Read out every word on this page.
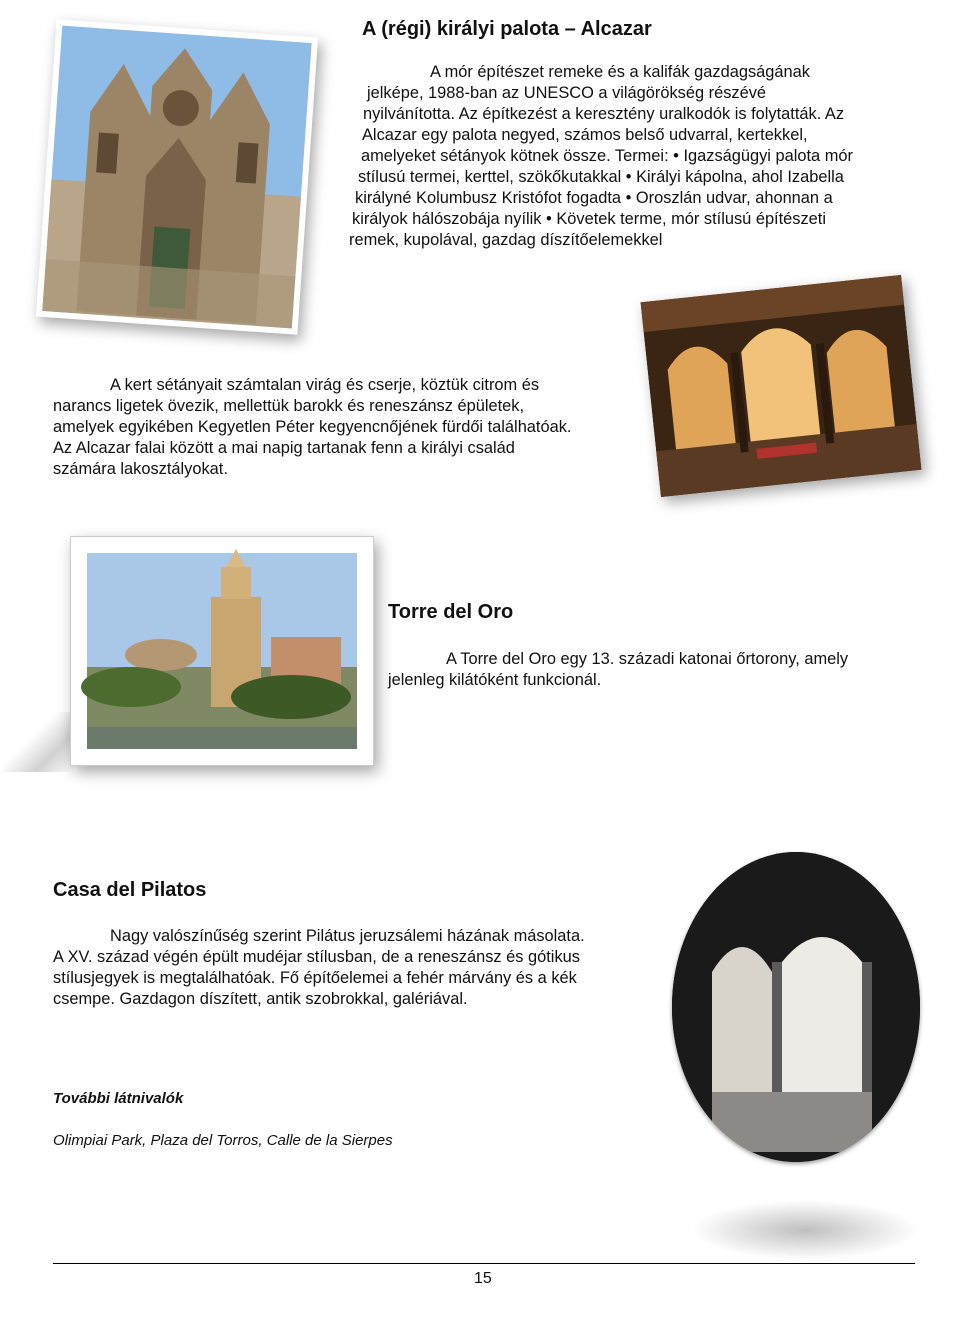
A (régi) királyi palota – Alcazar
A mór építészet remeke és a kalifák gazdagságának
jelképe, 1988-ban az UNESCO a világörökség részévé
nyilvánította. Az építkezést a keresztény uralkodók is folytatták. Az
Alcazar egy palota negyed, számos belső udvarral, kertekkel,
amelyeket sétányok kötnek össze. Termei: • Igazságügyi palota mór
stílusú termei, kerttel, szökőkutakkal • Királyi kápolna, ahol Izabella
királyné Kolumbusz Kristófot fogadta • Oroszlán udvar, ahonnan a
királyok hálószobája nyílik • Követek terme, mór stílusú építészeti
remek, kupolával, gazdag díszítőelemekkel
A kert sétányait számtalan virág és cserje, köztük citrom és
narancs ligetek övezik, mellettük barokk és reneszánsz épületek,
amelyek egyikében Kegyetlen Péter kegyencnőjének fürdői találhatóak.
Az Alcazar falai között a mai napig tartanak fenn a királyi család
számára lakosztályokat.
Torre del Oro
A Torre del Oro egy 13. századi katonai őrtorony, amely
jelenleg kilátóként funkcionál.
Casa del Pilatos
Nagy valószínűség szerint Pilátus jeruzsálemi házának másolata.
A XV. század végén épült mudéjar stílusban, de a reneszánsz és gótikus
stílusjegyek is megtalálhatóak. Fő építőelemei a fehér márvány és a kék
csempe. Gazdagon díszített, antik szobrokkal, galériával.
További látnivalók
Olimpiai Park, Plaza del Torros, Calle de la Sierpes
15
